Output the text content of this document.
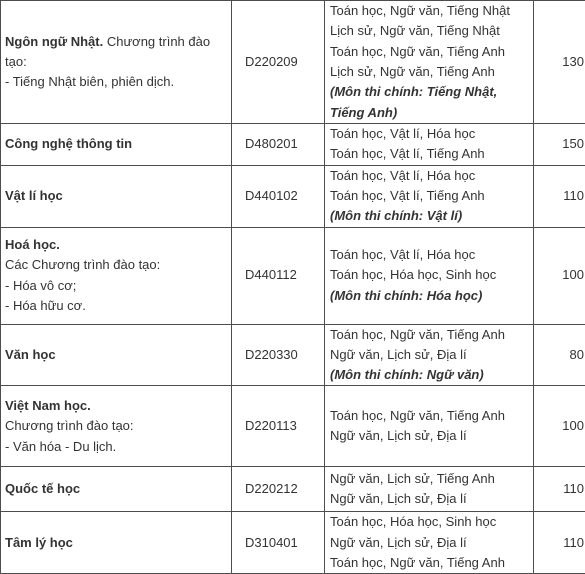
Ngôn ngữ Nhật. Chương trình đào tạo:
- Tiếng Nhật biên, phiên dịch.	D220209	Toán học, Ngữ văn, Tiếng Nhật
Lịch sử, Ngữ văn, Tiếng Nhật
Toán học, Ngữ văn, Tiếng Anh
Lịch sử, Ngữ văn, Tiếng Anh
(Môn thi chính: Tiếng Nhật, Tiếng Anh)	130
Công nghệ thông tin	D480201	Toán học, Vật lí, Hóa học
Toán học, Vật lí, Tiếng Anh	150
Vật lí học	D440102	Toán học, Vật lí, Hóa học
Toán học, Vật lí, Tiếng Anh
(Môn thi chính: Vật lí)	110

Hoá học.
Các Chương trình đào tạo:
- Hóa vô cơ;
- Hóa hữu cơ.	D440112	Toán học, Vật lí, Hóa học
Toán học, Hóa học, Sinh học
(Môn thi chính: Hóa học)	100
Văn học	D220330	Toán học, Ngữ văn, Tiếng Anh
Ngữ văn, Lịch sử, Địa lí
(Môn thi chính: Ngữ văn)	80

Việt Nam học.
Chương trình đào tạo:
- Văn hóa - Du lịch.	D220113	Toán học, Ngữ văn, Tiếng Anh
Ngữ văn, Lịch sử, Địa lí	100
Quốc tế học	D220212	Ngữ văn, Lịch sử, Tiếng Anh
Ngữ văn, Lịch sử, Địa lí	110
Tâm lý học	D310401	Toán học, Hóa học, Sinh học
Ngữ văn, Lịch sử, Địa lí
Toán học, Ngữ văn, Tiếng Anh	110
